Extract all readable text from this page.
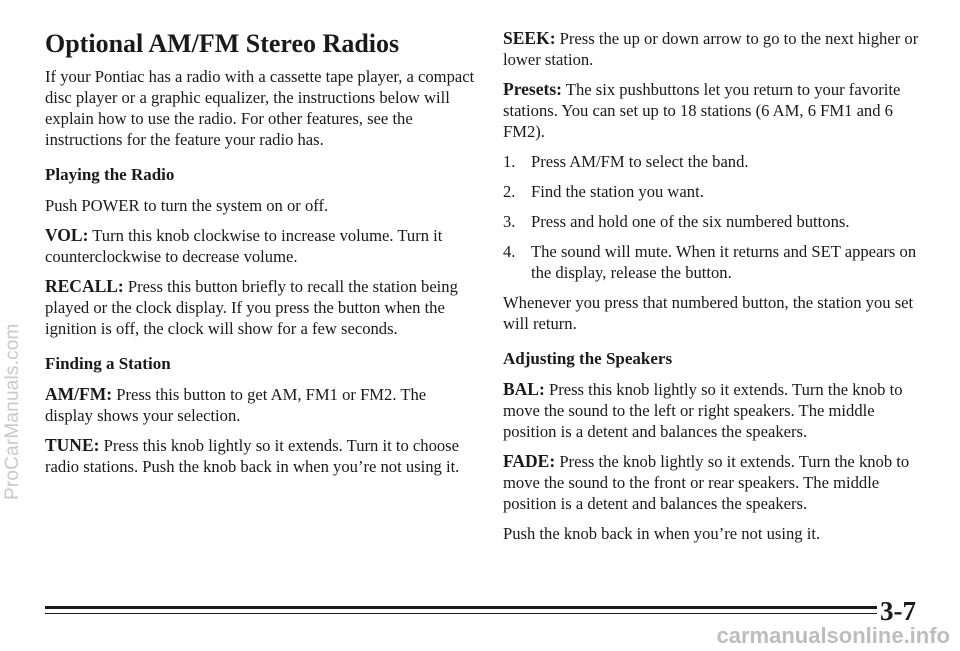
ProCarManuals.com
Optional AM/FM Stereo Radios

If your Pontiac has a radio with a cassette tape player, a compact disc player or a graphic equalizer, the instructions below will explain how to use the radio. For other features, see the instructions for the feature your radio has.

Playing the Radio

Push POWER to turn the system on or off.

VOL: Turn this knob clockwise to increase volume. Turn it counterclockwise to decrease volume.

RECALL: Press this button briefly to recall the station being played or the clock display. If you press the button when the ignition is off, the clock will show for a few seconds.

Finding a Station

AM/FM: Press this button to get AM, FM1 or FM2. The display shows your selection.

TUNE: Press this knob lightly so it extends. Turn it to choose radio stations. Push the knob back in when you’re not using it.

SEEK: Press the up or down arrow to go to the next higher or lower station.

Presets: The six pushbuttons let you return to your favorite stations. You can set up to 18 stations (6 AM, 6 FM1 and 6 FM2).

1. Press AM/FM to select the band.
2. Find the station you want.
3. Press and hold one of the six numbered buttons.
4. The sound will mute. When it returns and SET appears on the display, release the button.

Whenever you press that numbered button, the station you set will return.

Adjusting the Speakers

BAL: Press this knob lightly so it extends. Turn the knob to move the sound to the left or right speakers. The middle position is a detent and balances the speakers.

FADE: Press the knob lightly so it extends. Turn the knob to move the sound to the front or rear speakers. The middle position is a detent and balances the speakers.

Push the knob back in when you’re not using it.

3-7
carmanualsonline.info
